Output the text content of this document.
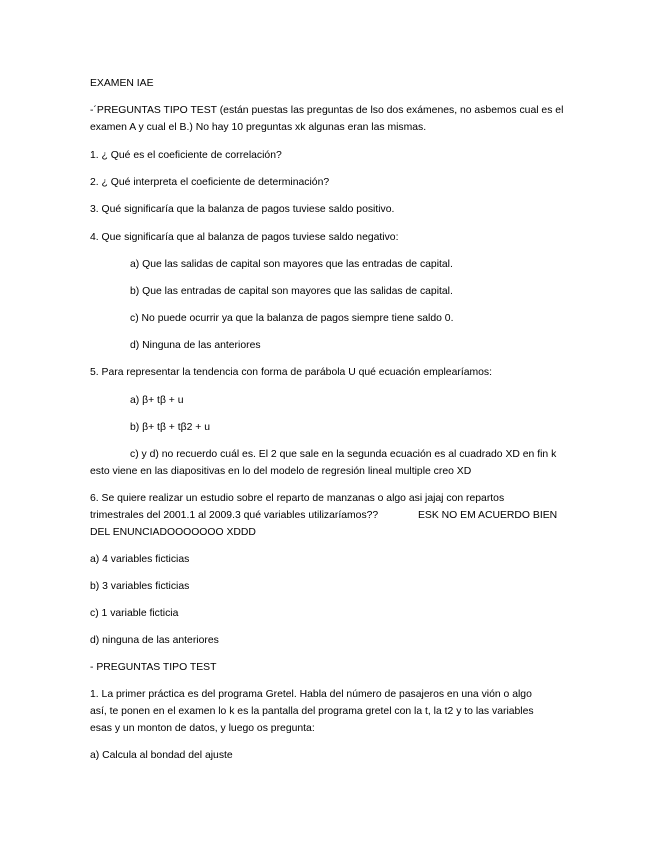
EXAMEN IAE
-´PREGUNTAS TIPO TEST (están puestas las preguntas de lso dos exámenes, no asbemos cual es el
examen A y cual el B.) No hay 10 preguntas xk algunas eran las mismas.
1. ¿ Qué es el coeficiente de correlación?
2. ¿ Qué interpreta el coeficiente de determinación?
3. Qué significaría que la balanza de pagos tuviese saldo positivo.
4. Que significaría que al balanza de pagos tuviese saldo negativo:
a) Que las salidas de capital son mayores que las entradas de capital.
b) Que las entradas de capital son mayores que las salidas de capital.
c) No puede ocurrir ya que la balanza de pagos siempre tiene saldo 0.
d) Ninguna de las anteriores
5. Para representar la tendencia con forma de parábola U qué ecuación emplearíamos:
a) β+ tβ + u
b) β+ tβ + tβ2 + u
c) y d) no recuerdo cuál es. El 2 que sale en la segunda ecuación es al cuadrado XD en fin k
esto viene en las diapositivas en lo del modelo de regresión lineal multiple creo XD
6. Se quiere realizar un estudio sobre el reparto de manzanas o algo asi jajaj con repartos
trimestrales del 2001.1 al 2009.3 qué variables utilizaríamos??	ESK NO EM ACUERDO BIEN
DEL ENUNCIADOOOOOOO XDDD
a) 4 variables ficticias
b) 3 variables ficticias
c) 1 variable ficticia
d) ninguna de las anteriores
- PREGUNTAS TIPO TEST
1. La primer práctica es del programa Gretel. Habla del número de pasajeros en una vión o algo
así, te ponen en el examen lo k es la pantalla del programa gretel con la t, la t2 y to las variables
esas y un monton de datos, y luego os pregunta:
a) Calcula al bondad del ajuste
